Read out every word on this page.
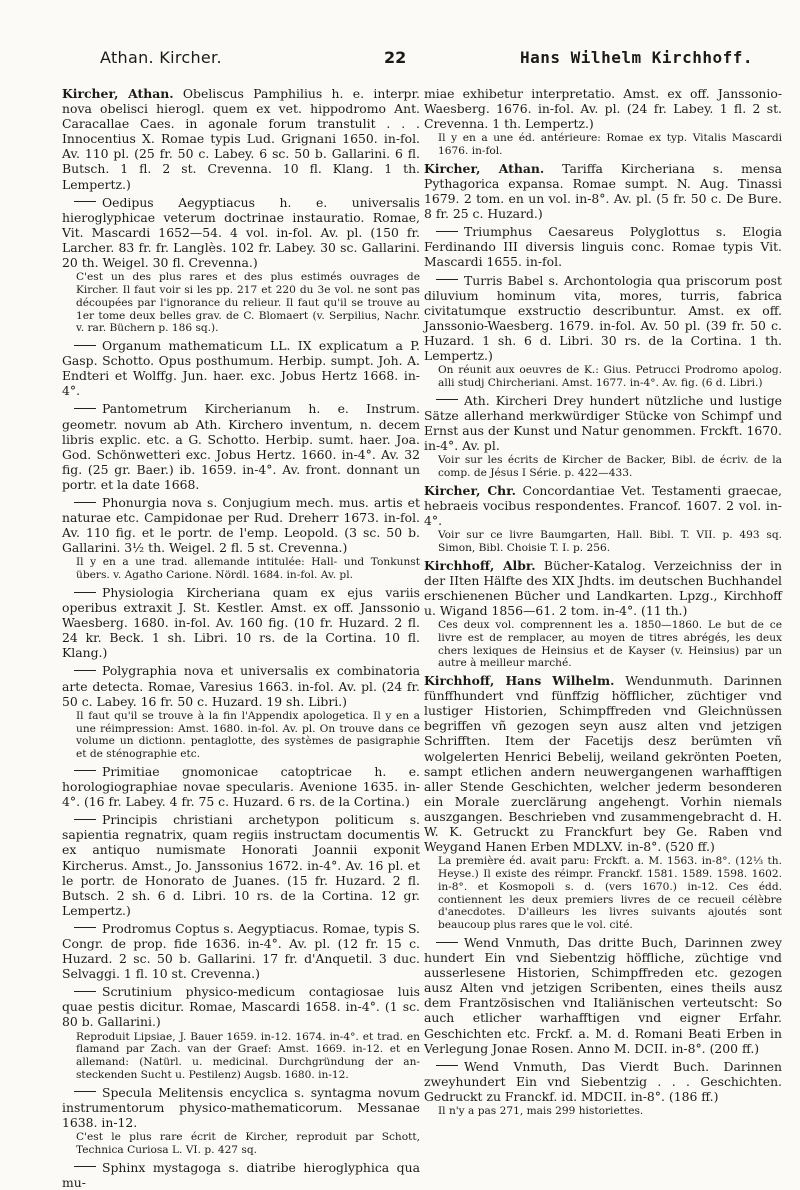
Athan. Kircher.	22	Hans Wilhelm Kirchhoff.
Kircher, Athan. Obeliscus Pamphilius h. e. interpr. nova obelisci hierogl. quem ex vet. hippodromo Ant. Caracallae Caes. in agonale forum transtulit . . . Innocentius X. Romae typis Lud. Grignani 1650. in-fol. Av. 110 pl. (25 fr. 50 c. Labey. 6 sc. 50 b. Gallarini. 6 fl. Butsch. 1 fl. 2 st. Crevenna. 10 fl. Klang. 1 th. Lempertz.)
Oedipus Aegyptiacus h. e. universalis hieroglyphicae veterum doctrinae instauratio. Romae, Vit. Mascardi 1652—54. 4 vol. in-fol. Av. pl. (150 fr. Larcher. 83 fr. fr. Langlès. 102 fr. Labey. 30 sc. Gallarini. 20 th. Weigel. 30 fl. Crevenna.)
C'est un des plus rares et des plus estimés ouvrages de Kircher. Il faut voir si les pp. 217 et 220 du 3e vol. ne sont pas découpées par l'ignorance du relieur. Il faut qu'il se trouve au 1er tome deux belles grav. de C. Blomaert (v. Serpilius, Nachr. v. rar. Büchern p. 186 sq.).
Organum mathematicum LL. IX explicatum a P. Gasp. Schotto. Opus posthumum. Herbip. sumpt. Joh. A. Endteri et Wolffg. Jun. haer. exc. Jobus Hertz 1668. in-4°.
Pantometrum Kircherianum h. e. Instrum. geometr. novum ab Ath. Kirchero inventum, n. decem libris explic. etc. a G. Schotto. Herbip. sumt. haer. Joa. God. Schönwetteri exc. Jobus Hertz. 1660. in-4°. Av. 32 fig. (25 gr. Baer.) ib. 1659. in-4°. Av. front. donnant un portr. et la date 1668.
Phonurgia nova s. Conjugium mech. mus. artis et naturae etc. Campidonae per Rud. Dreherr 1673. in-fol. Av. 110 fig. et le portr. de l'emp. Leopold. (3 sc. 50 b. Gallarini. 3½ th. Weigel. 2 fl. 5 st. Crevenna.)
Il y en a une trad. allemande intitulée: Hall- und Tonkunst übers. v. Agatho Carione. Nördl. 1684. in-fol. Av. pl.
Physiologia Kircheriana quam ex ejus variis operibus extraxit J. St. Kestler. Amst. ex off. Janssonio Waesberg. 1680. in-fol. Av. 160 fig. (10 fr. Huzard. 2 fl. 24 kr. Beck. 1 sh. Libri. 10 rs. de la Cortina. 10 fl. Klang.)
Polygraphia nova et universalis ex combinatoria arte detecta. Romae, Varesius 1663. in-fol. Av. pl. (24 fr. 50 c. Labey. 16 fr. 50 c. Huzard. 19 sh. Libri.)
Il faut qu'il se trouve à la fin l'Appendix apologetica. Il y en a une réimpression: Amst. 1680. in-fol. Av. pl. On trouve dans ce volume un dictionn. pentaglotte, des systèmes de pasigraphie et de sténographie etc.
Primitiae gnomonicae catoptricae h. e. horologiographiae novae specularis. Avenione 1635. in-4°. (16 fr. Labey. 4 fr. 75 c. Huzard. 6 rs. de la Cortina.)
Principis christiani archetypon politicum s. sapientia regnatrix, quam regiis instructam documentis ex antiquo numismate Honorati Joannii exponit Kircherus. Amst., Jo. Janssonius 1672. in-4°. Av. 16 pl. et le portr. de Honorato de Juanes. (15 fr. Huzard. 2 fl. Butsch. 2 sh. 6 d. Libri. 10 rs. de la Cortina. 12 gr. Lempertz.)
Prodromus Coptus s. Aegyptiacus. Romae, typis S. Congr. de prop. fide 1636. in-4°. Av. pl. (12 fr. 15 c. Huzard. 2 sc. 50 b. Gallarini. 17 fr. d'Anquetil. 3 duc. Selvaggi. 1 fl. 10 st. Crevenna.)
Scrutinium physico-medicum contagiosae luis quae pestis dicitur. Romae, Mascardi 1658. in-4°. (1 sc. 80 b. Gallarini.)
Reproduit Lipsiae, J. Bauer 1659. in-12. 1674. in-4°. et trad. en flamand par Zach. van der Graef: Amst. 1669. in-12. et en allemand: (Natürl. u. medicinal. Durchgründung der an-steckenden Sucht u. Pestilenz) Augsb. 1680. in-12.
Specula Melitensis encyclica s. syntagma novum instrumentorum physico-mathematicorum. Messanae 1638. in-12.
C'est le plus rare écrit de Kircher, reproduit par Schott, Technica Curiosa L. VI. p. 427 sq.
Sphinx mystagoga s. diatribe hieroglyphica qua mu-
miae exhibetur interpretatio. Amst. ex off. Janssonio-Waesberg. 1676. in-fol. Av. pl. (24 fr. Labey. 1 fl. 2 st. Crevenna. 1 th. Lempertz.)
Il y en a une éd. antérieure: Romae ex typ. Vitalis Mascardi 1676. in-fol.
Kircher, Athan. Tariffa Kircheriana s. mensa Pythagorica expansa. Romae sumpt. N. Aug. Tinassi 1679. 2 tom. en un vol. in-8°. Av. pl. (5 fr. 50 c. De Bure. 8 fr. 25 c. Huzard.)
Triumphus Caesareus Polyglottus s. Elogia Ferdinando III diversis linguis conc. Romae typis Vit. Mascardi 1655. in-fol.
Turris Babel s. Archontologia qua priscorum post diluvium hominum vita, mores, turris, fabrica civitatumque exstructio describuntur. Amst. ex off. Janssonio-Waesberg. 1679. in-fol. Av. 50 pl. (39 fr. 50 c. Huzard. 1 sh. 6 d. Libri. 30 rs. de la Cortina. 1 th. Lempertz.)
On réunit aux oeuvres de K.: Gius. Petrucci Prodromo apolog. alli studj Chircheriani. Amst. 1677. in-4°. Av. fig. (6 d. Libri.)
Ath. Kircheri Drey hundert nützliche und lustige Sätze allerhand merkwürdiger Stücke von Schimpf und Ernst aus der Kunst und Natur genommen. Frckft. 1670. in-4°. Av. pl.
Voir sur les écrits de Kircher de Backer, Bibl. de écriv. de la comp. de Jésus I Série. p. 422—433.
Kircher, Chr. Concordantiae Vet. Testamenti graecae, hebraeis vocibus respondentes. Francof. 1607. 2 vol. in-4°.
Voir sur ce livre Baumgarten, Hall. Bibl. T. VII. p. 493 sq. Simon, Bibl. Choisie T. I. p. 256.
Kirchhoff, Albr. Bücher-Katalog. Verzeichniss der in der IIten Hälfte des XIX Jhdts. im deutschen Buchhandel erschienenen Bücher und Landkarten. Lpzg., Kirchhoff u. Wigand 1856—61. 2 tom. in-4°. (11 th.)
Ces deux vol. comprennent les a. 1850—1860. Le but de ce livre est de remplacer, au moyen de titres abrégés, les deux chers lexiques de Heinsius et de Kayser (v. Heinsius) par un autre à meilleur marché.
Kirchhoff, Hans Wilhelm. Wendunmuth. Darinnen fünffhundert vnd fünffzig höfflicher, züchtiger vnd lustiger Historien, Schimpffreden vnd Gleichnüssen begriffen vñ gezogen seyn ausz alten vnd jetzigen Schrifften. Item der Facetijs desz berümten vñ wolgelerten Henrici Bebelij, weiland gekrönten Poeten, sampt etlichen andern neuwergangenen warhafftigen aller Stende Geschichten, welcher jederm besonderen ein Morale zuerclärung angehengt. Vorhin niemals auszgangen. Beschrieben vnd zusammengebracht d. H. W. K. Getruckt zu Franckfurt bey Ge. Raben vnd Weygand Hanen Erben MDLXV. in-8°. (520 ff.)
La première éd. avait paru: Frckft. a. M. 1563. in-8°. (12⅓ th. Heyse.) Il existe des réimpr. Franckf. 1581. 1589. 1598. 1602. in-8°. et Kosmopoli s. d. (vers 1670.) in-12. Ces édd. contiennent les deux premiers livres de ce recueil célèbre d'anecdotes. D'ailleurs les livres suivants ajoutés sont beaucoup plus rares que le vol. cité.
Wend Vnmuth, Das dritte Buch, Darinnen zwey hundert Ein vnd Siebentzig höffliche, züchtige vnd ausserlesene Historien, Schimpffreden etc. gezogen ausz Alten vnd jetzigen Scribenten, eines theils ausz dem Frantzösischen vnd Italiänischen verteutscht: So auch etlicher warhafftigen vnd eigner Erfahr. Geschichten etc. Frckf. a. M. d. Romani Beati Erben in Verlegung Jonae Rosen. Anno M. DCII. in-8°. (200 ff.)
Wend Vnmuth, Das Vierdt Buch. Darinnen zweyhundert Ein vnd Siebentzig . . . Geschichten. Gedruckt zu Franckf. id. MDCII. in-8°. (186 ff.)
Il n'y a pas 271, mais 299 historiettes.
